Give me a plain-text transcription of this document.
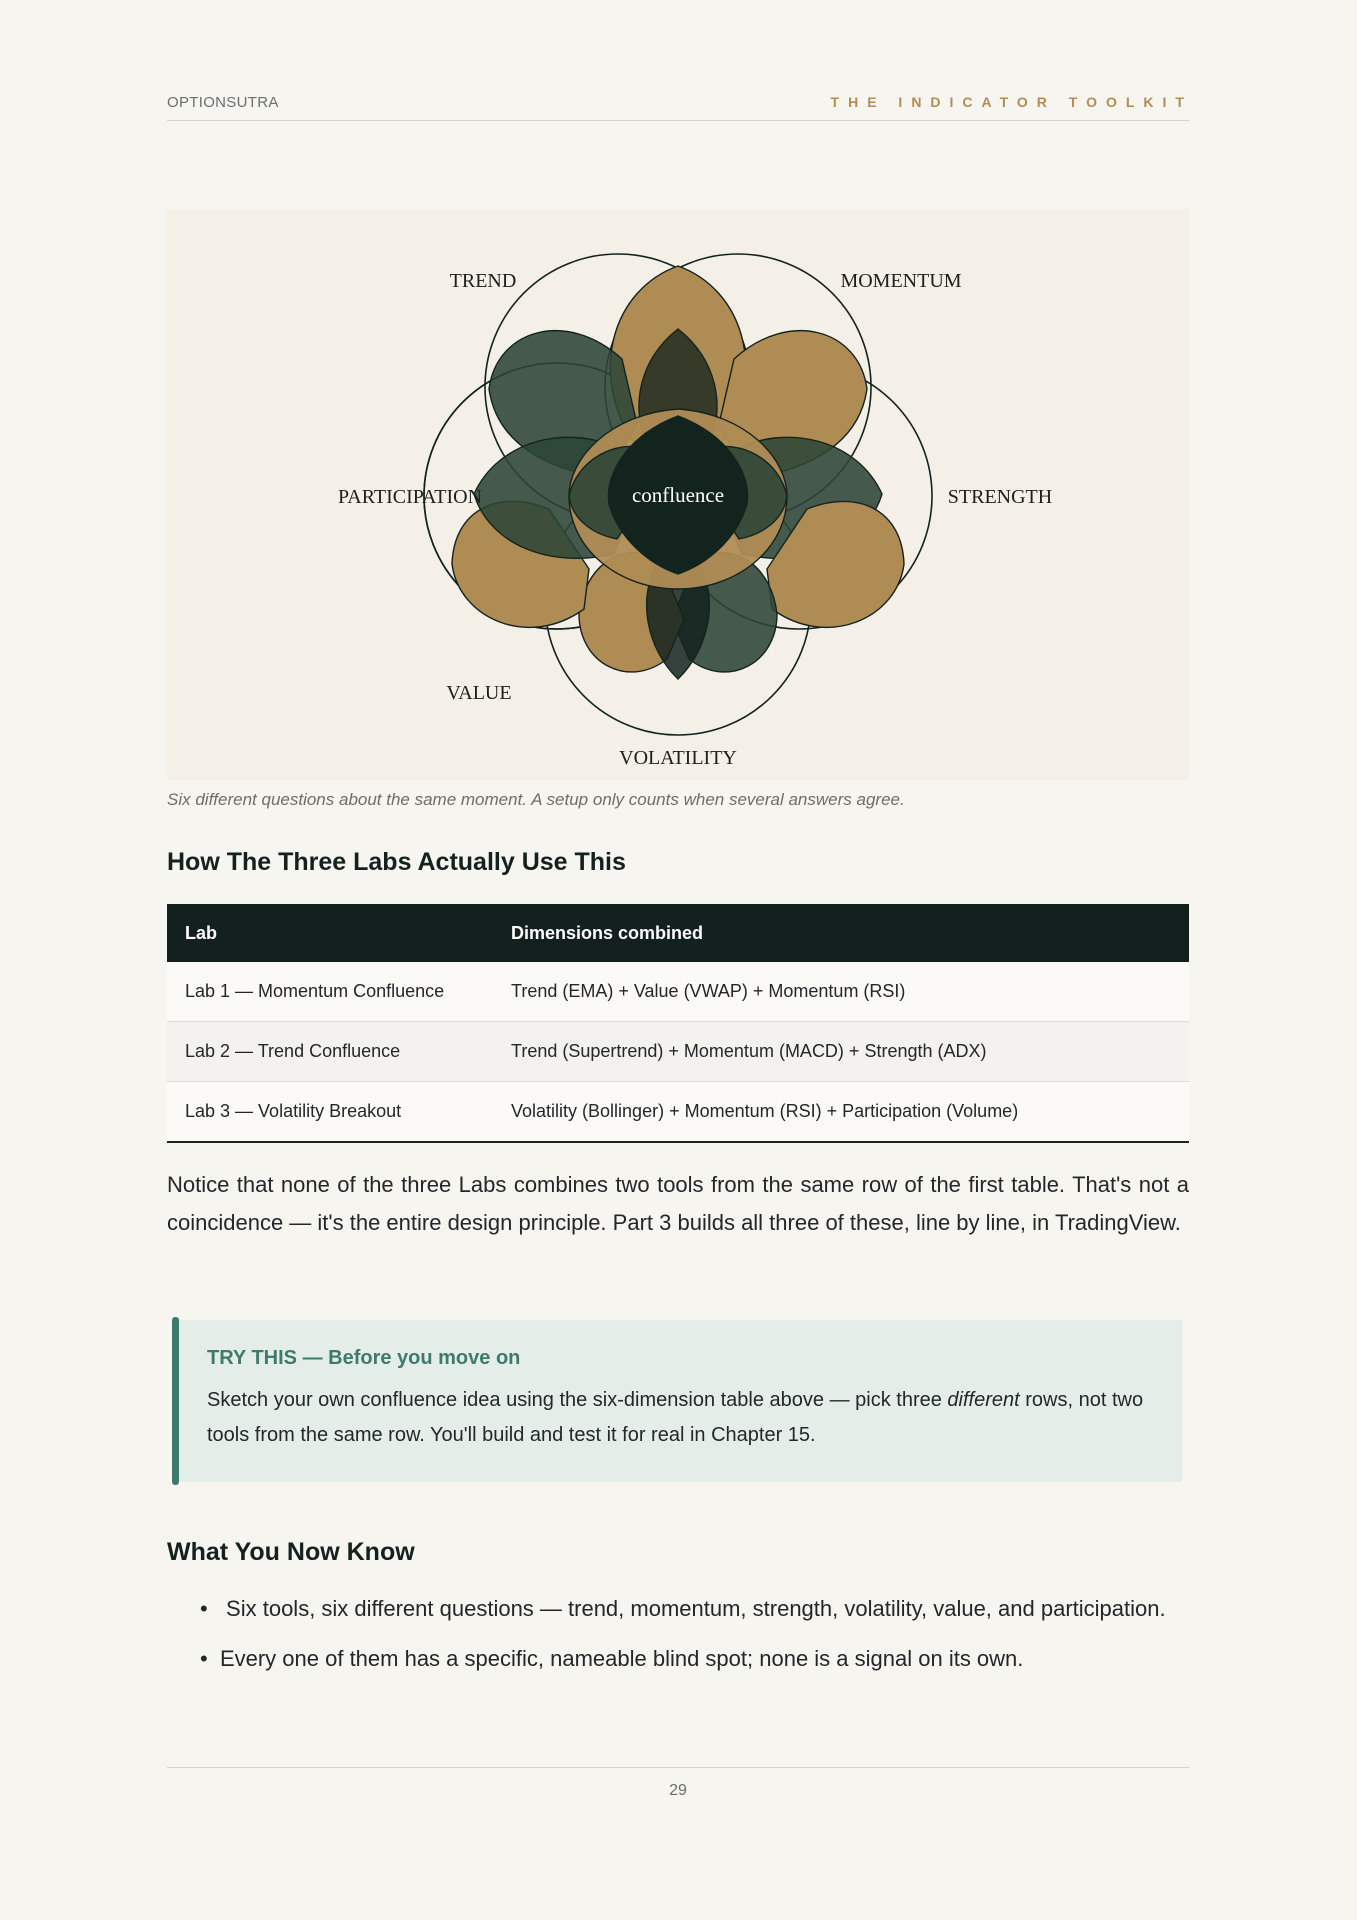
OPTIONSUTRA	THE INDICATOR TOOLKIT
TREND	MOMENTUM
PARTICIPATION	STRENGTH
VALUE
VOLATILITY
confluence
Six different questions about the same moment. A setup only counts when several answers agree.
How The Three Labs Actually Use This
Lab	Dimensions combined
Lab 1 — Momentum Confluence	Trend (EMA) + Value (VWAP) + Momentum (RSI)
Lab 2 — Trend Confluence	Trend (Supertrend) + Momentum (MACD) + Strength (ADX)
Lab 3 — Volatility Breakout	Volatility (Bollinger) + Momentum (RSI) + Participation (Volume)

Notice that none of the three Labs combines two tools from the same row of the first table. That's not a coincidence — it's the entire design principle. Part 3 builds all three of these, line by line, in TradingView.

TRY THIS — Before you move on
Sketch your own confluence idea using the six-dimension table above — pick three different rows, not two tools from the same row. You'll build and test it for real in Chapter 15.
What You Now Know
• Six tools, six different questions — trend, momentum, strength, volatility, value, and participation.
• Every one of them has a specific, nameable blind spot; none is a signal on its own.
29
